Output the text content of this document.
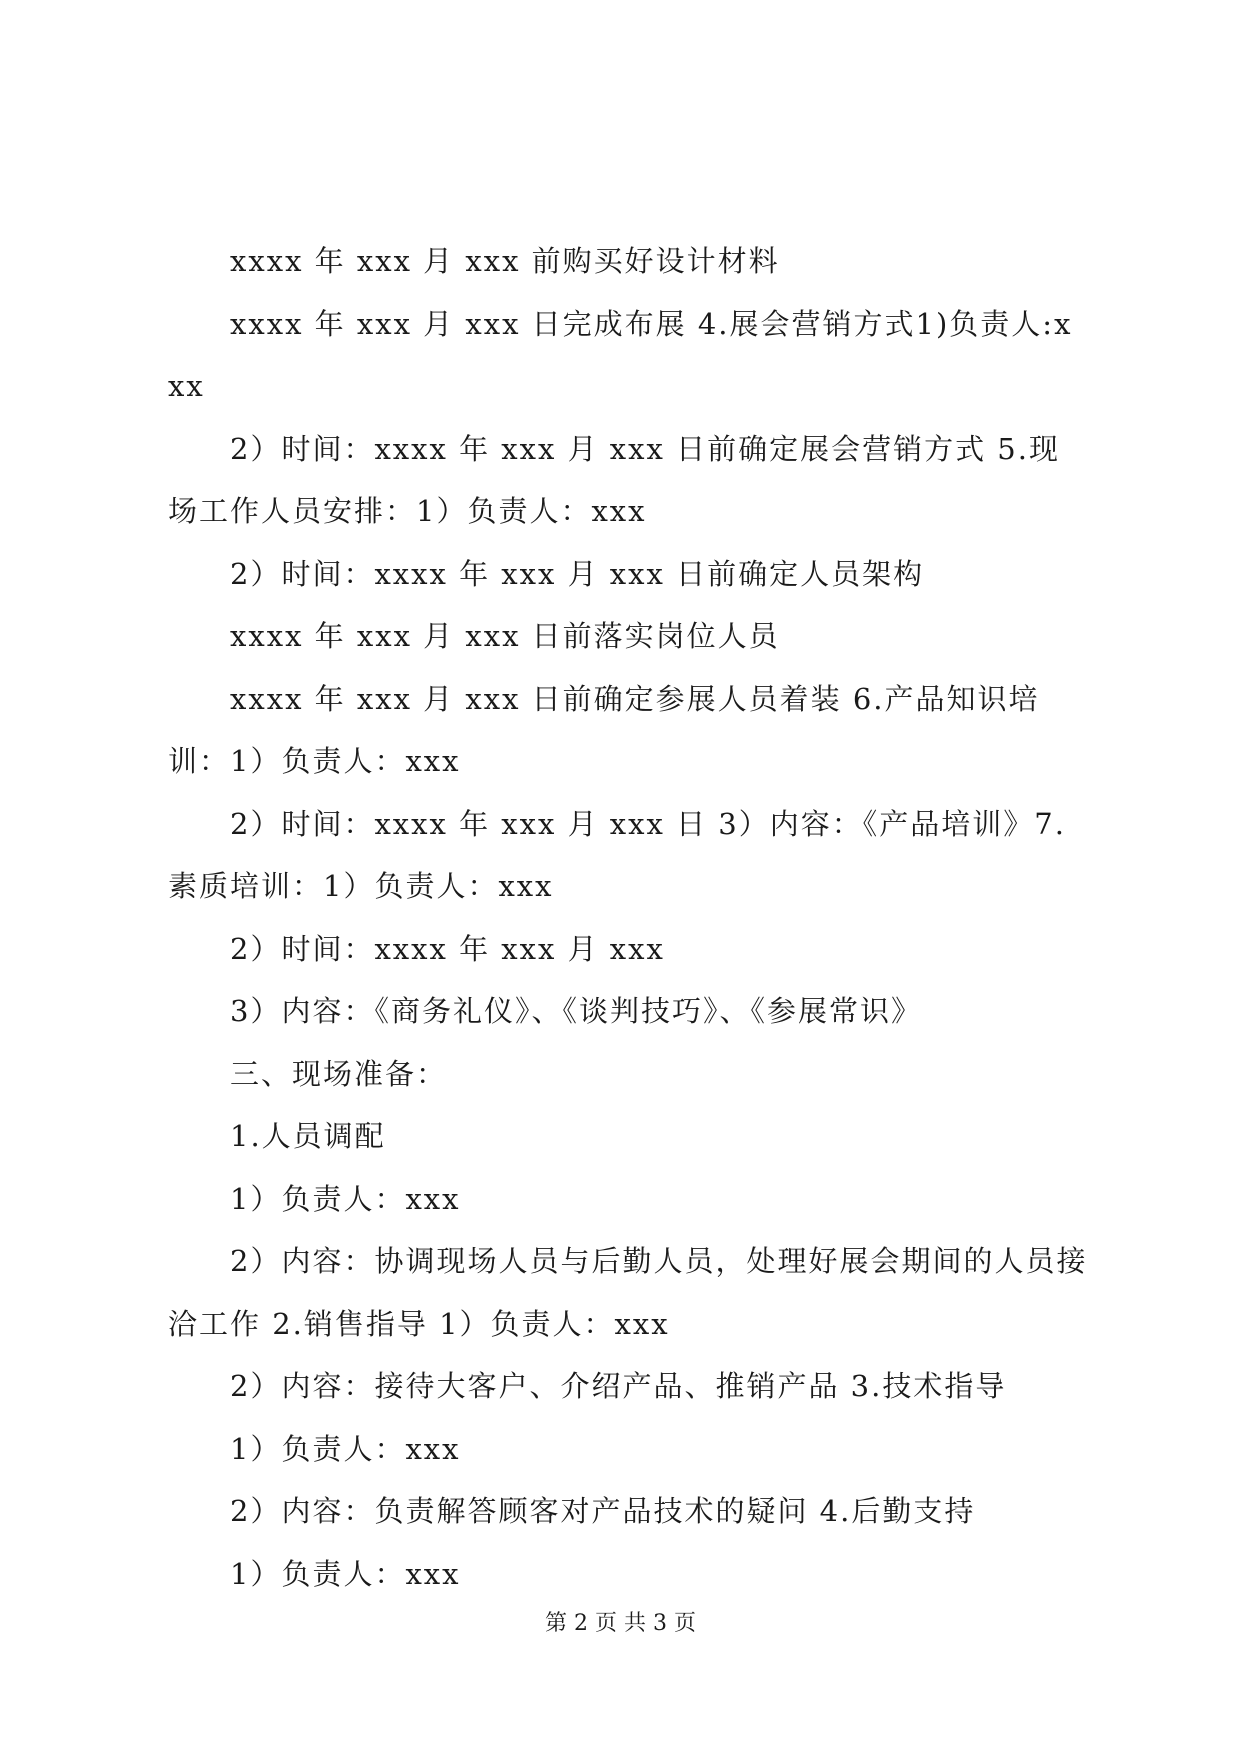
xxxx 年 xxx 月 xxx 前购买好设计材料

xxxx 年 xxx 月 xxx 日完成布展 4.展会营销方式1)负责人:xxx

2）时间：xxxx 年 xxx 月 xxx 日前确定展会营销方式 5.现场工作人员安排：1）负责人：xxx

2）时间：xxxx 年 xxx 月 xxx 日前确定人员架构

xxxx 年 xxx 月 xxx 日前落实岗位人员

xxxx 年 xxx 月 xxx 日前确定参展人员着装 6.产品知识培训：1）负责人：xxx

2）时间：xxxx 年 xxx 月 xxx 日 3）内容：《产品培训》7.素质培训：1）负责人：xxx

2）时间：xxxx 年 xxx 月 xxx

3）内容：《商务礼仪》、《谈判技巧》、《参展常识》

三、现场准备：

1.人员调配

1）负责人：xxx

2）内容：协调现场人员与后勤人员，处理好展会期间的人员接洽工作 2.销售指导 1）负责人：xxx

2）内容：接待大客户、介绍产品、推销产品 3.技术指导

1）负责人：xxx

2）内容：负责解答顾客对产品技术的疑问 4.后勤支持

1）负责人：xxx

第 2 页 共 3 页
